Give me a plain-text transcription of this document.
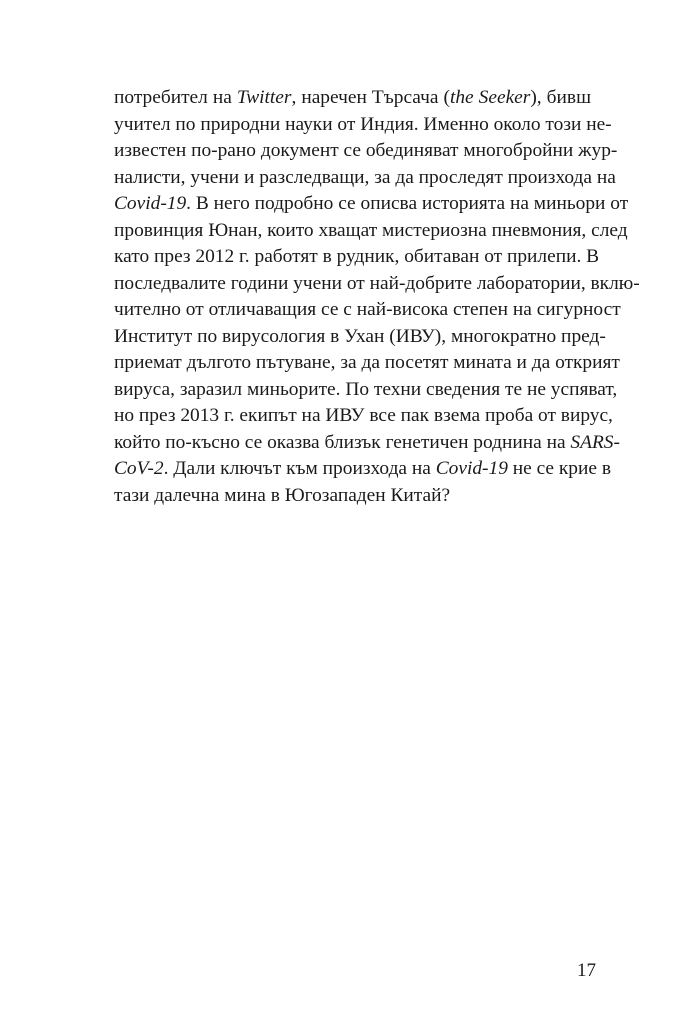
потребител на Twitter, наречен Търсача (the Seeker), бивш
учител по природни науки от Индия. Именно около този не-
известен по-рано документ се обединяват многобройни жур-
налисти, учени и разследващи, за да проследят произхода на
Covid-19. В него подробно се описва историята на миньори от
провинция Юнан, които хващат мистериозна пневмония, след
като през 2012 г. работят в рудник, обитаван от прилепи. В
последвалите години учени от най-добрите лаборатории, вклю-
чително от отличаващия се с най-висока степен на сигурност
Институт по вирусология в Ухан (ИВУ), многократно пред-
приемат дългото пътуване, за да посетят мината и да открият
вируса, заразил миньорите. По техни сведения те не успяват,
но през 2013 г. екипът на ИВУ все пак взема проба от вирус,
който по-късно се оказва близък генетичен роднина на SARS-
CoV-2. Дали ключът към произхода на Covid-19 не се крие в
тази далечна мина в Югозападен Китай?
17
